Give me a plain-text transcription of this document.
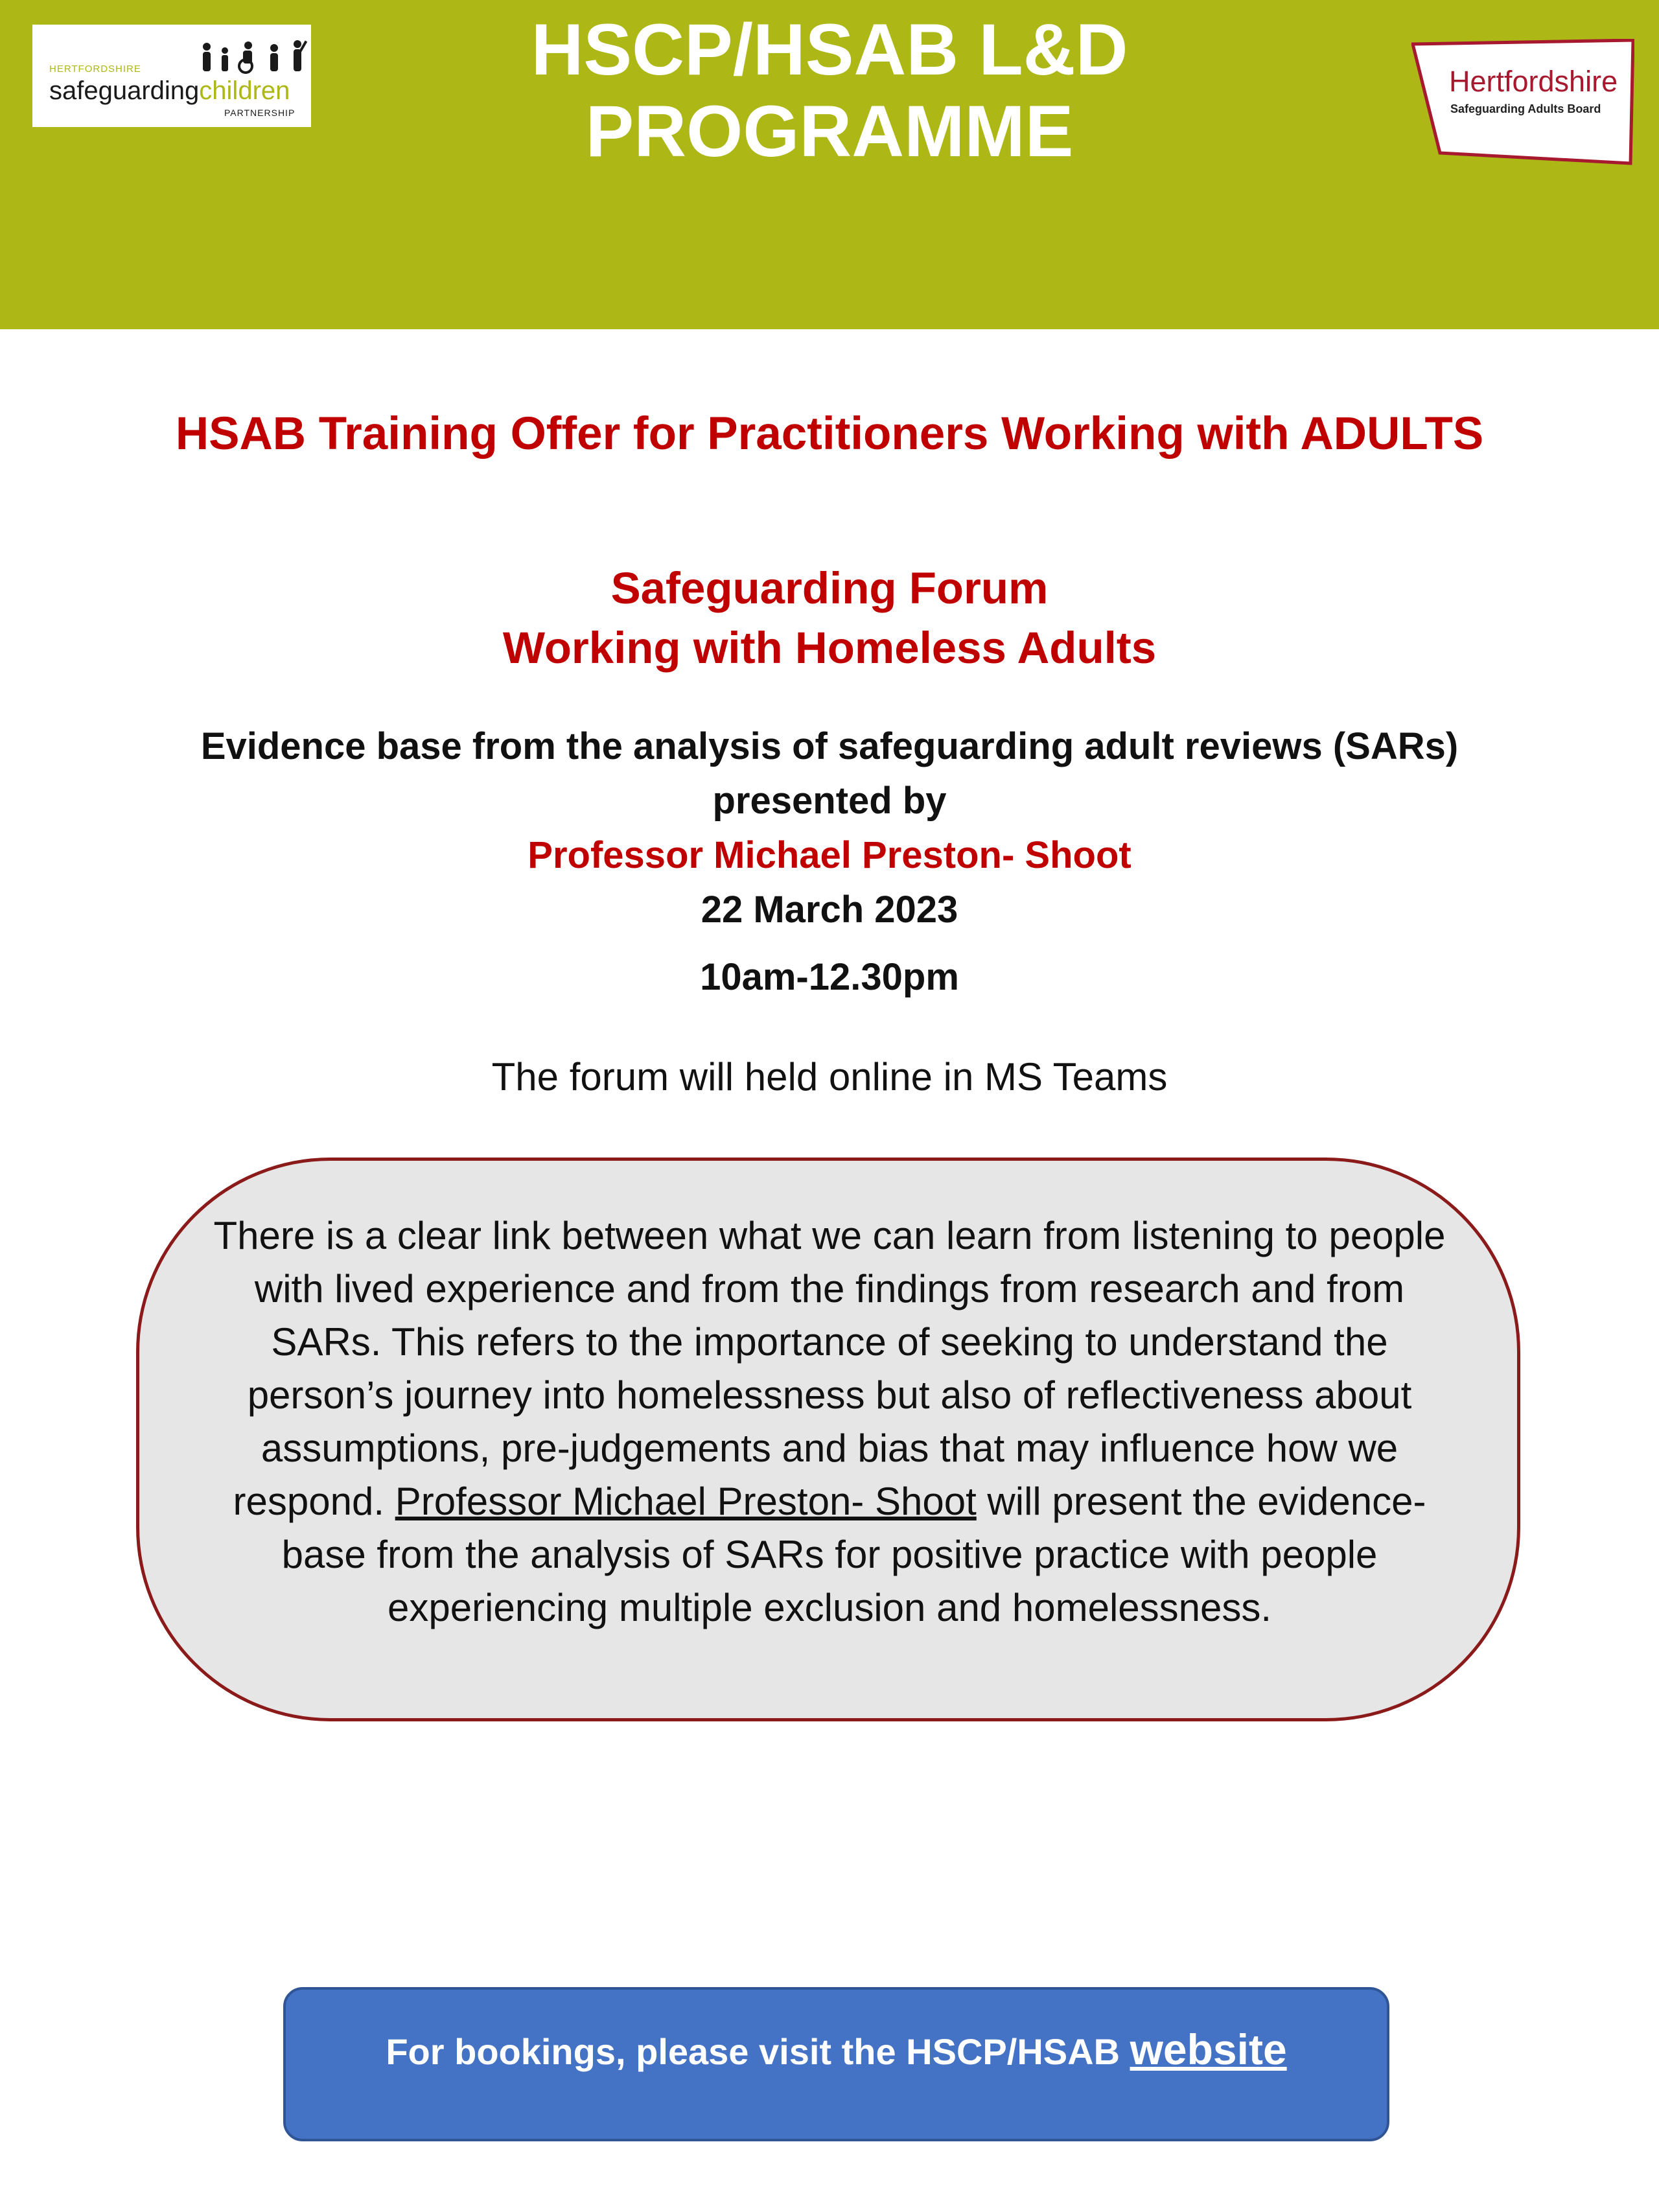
HERTFORDSHIRE
safeguardingchildren
PARTNERSHIP
HSCP/HSAB L&D
PROGRAMME
Hertfordshire
Safeguarding Adults Board
HSAB Training Offer for Practitioners Working with ADULTS
Safeguarding Forum
Working with Homeless Adults
Evidence base from the analysis of safeguarding adult reviews (SARs)
presented by
Professor Michael Preston- Shoot
22 March 2023
10am-12.30pm
The forum will held online in MS Teams
There is a clear link between what we can learn from listening to people with lived experience and from the findings from research and from SARs. This refers to the importance of seeking to understand the person’s journey into homelessness but also of reflectiveness about assumptions, pre-judgements and bias that may influence how we respond. Professor Michael Preston- Shoot will present the evidence-base from the analysis of SARs for positive practice with people experiencing multiple exclusion and homelessness.
For bookings, please visit the HSCP/HSAB website
